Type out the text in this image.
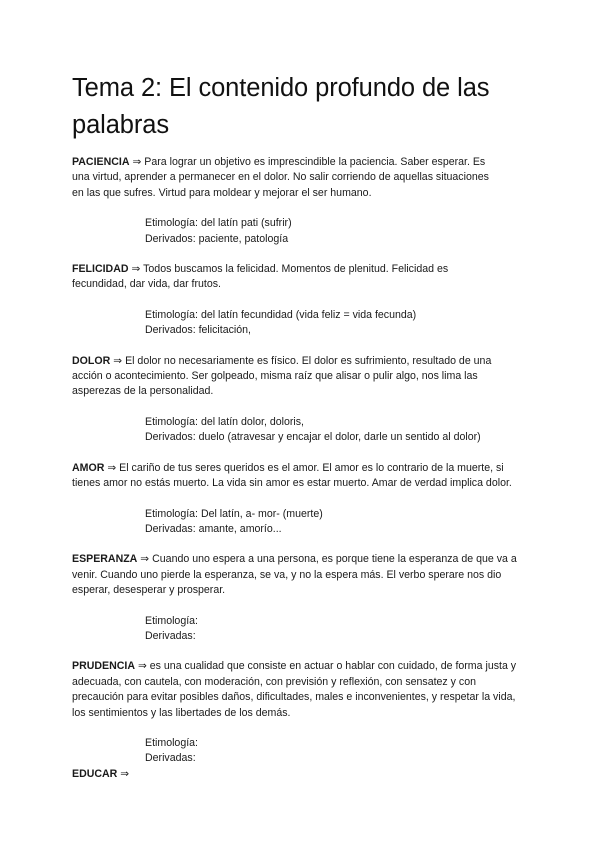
Tema 2: El contenido profundo de las palabras

PACIENCIA ⇒ Para lograr un objetivo es imprescindible la paciencia. Saber esperar. Es una virtud, aprender a permanecer en el dolor. No salir corriendo de aquellas situaciones en las que sufres. Virtud para moldear y mejorar el ser humano.

Etimología: del latín pati (sufrir)
Derivados: paciente, patología

FELICIDAD ⇒ Todos buscamos la felicidad. Momentos de plenitud. Felicidad es fecundidad, dar vida, dar frutos.

Etimología: del latín fecundidad (vida feliz = vida fecunda)
Derivados: felicitación,

DOLOR ⇒ El dolor no necesariamente es físico. El dolor es sufrimiento, resultado de una acción o acontecimiento. Ser golpeado, misma raíz que alisar o pulir algo, nos lima las asperezas de la personalidad.

Etimología: del latín dolor, doloris,
Derivados: duelo (atravesar y encajar el dolor, darle un sentido al dolor)

AMOR ⇒ El cariño de tus seres queridos es el amor. El amor es lo contrario de la muerte, si tienes amor no estás muerto. La vida sin amor es estar muerto. Amar de verdad implica dolor.

Etimología: Del latín, a- mor- (muerte)
Derivadas: amante, amorío...

ESPERANZA ⇒ Cuando uno espera a una persona, es porque tiene la esperanza de que va a venir. Cuando uno pierde la esperanza, se va, y no la espera más. El verbo sperare nos dio esperar, desesperar y prosperar.

Etimología:
Derivadas:

PRUDENCIA ⇒ es una cualidad que consiste en actuar o hablar con cuidado, de forma justa y adecuada, con cautela, con moderación, con previsión y reflexión, con sensatez y con precaución para evitar posibles daños, dificultades, males e inconvenientes, y respetar la vida, los sentimientos y las libertades de los demás.

Etimología:
Derivadas:

EDUCAR ⇒
